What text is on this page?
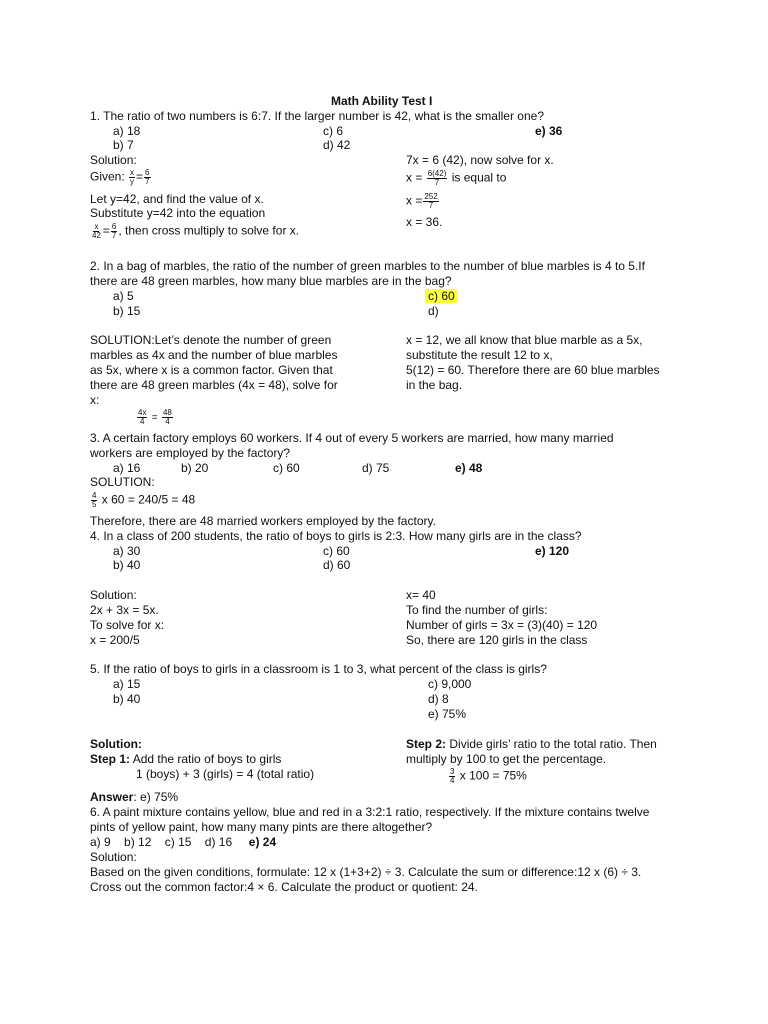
Math Ability Test I
1. The ratio of two numbers is 6:7. If the larger number is 42, what is the smaller one?
a) 18
b) 7
c) 6
d) 42
e) 36
Solution:
Given: $\frac{x}{y} = \frac{6}{7}$
Let y=42, and find the value of x.
Substitute y=42 into the equation
$\frac{x}{42} = \frac{6}{7}$ , then cross multiply to solve for x.
7x = 6 (42), now solve for x.
$x = \frac{6(42)}{7}$ is equal to
$x = \frac{252}{7}$
x = 36.
2. In a bag of marbles, the ratio of the number of green marbles to the number of blue marbles is 4 to 5.If
there are 48 green marbles, how many blue marbles are in the bag?
a) 5
b) 15
c) 60
d)
SOLUTION:Let’s denote the number of green
marbles as 4x and the number of blue marbles
as 5x, where x is a common factor. Given that
there are 48 green marbles (4x = 48), solve for
x:
$\frac{4x}{4} = \frac{48}{4}$
x = 12, we all know that blue marble as a 5x,
substitute the result 12 to x,
5(12) = 60. Therefore there are 60 blue marbles
in the bag.
3. A certain factory employs 60 workers. If 4 out of every 5 workers are married, how many married
workers are employed by the factory?
a) 16	b) 20	c) 60	d) 75	e) 48
SOLUTION:
$\frac{4}{5}$ x 60 = 240/5 = 48
Therefore, there are 48 married workers employed by the factory.
4. In a class of 200 students, the ratio of boys to girls is 2:3. How many girls are in the class?
a) 30
b) 40
c) 60
d) 60
e) 120
Solution:
2x + 3x = 5x.
To solve for x:
x = 200/5
x= 40
To find the number of girls:
Number of girls = 3x = (3)(40) = 120
So, there are 120 girls in the class
5. If the ratio of boys to girls in a classroom is 1 to 3, what percent of the class is girls?
a) 15
b) 40
c) 9,000
d) 8
e) 75%
Solution:
Step 1: Add the ratio of boys to girls
1 (boys) + 3 (girls) = 4 (total ratio)
Step 2: Divide girls’ ratio to the total ratio. Then
multiply by 100 to get the percentage.
$\frac{3}{4}$ x 100 = 75%
Answer: e) 75%
6. A paint mixture contains yellow, blue and red in a 3:2:1 ratio, respectively. If the mixture contains twelve
pints of yellow paint, how many many pints are there altogether?
a) 9 b) 12 c) 15 d) 16 e) 24
Solution:
Based on the given conditions, formulate: 12 x (1+3+2) ÷ 3. Calculate the sum or difference:12 x (6) ÷ 3.
Cross out the common factor:4 × 6. Calculate the product or quotient: 24.
